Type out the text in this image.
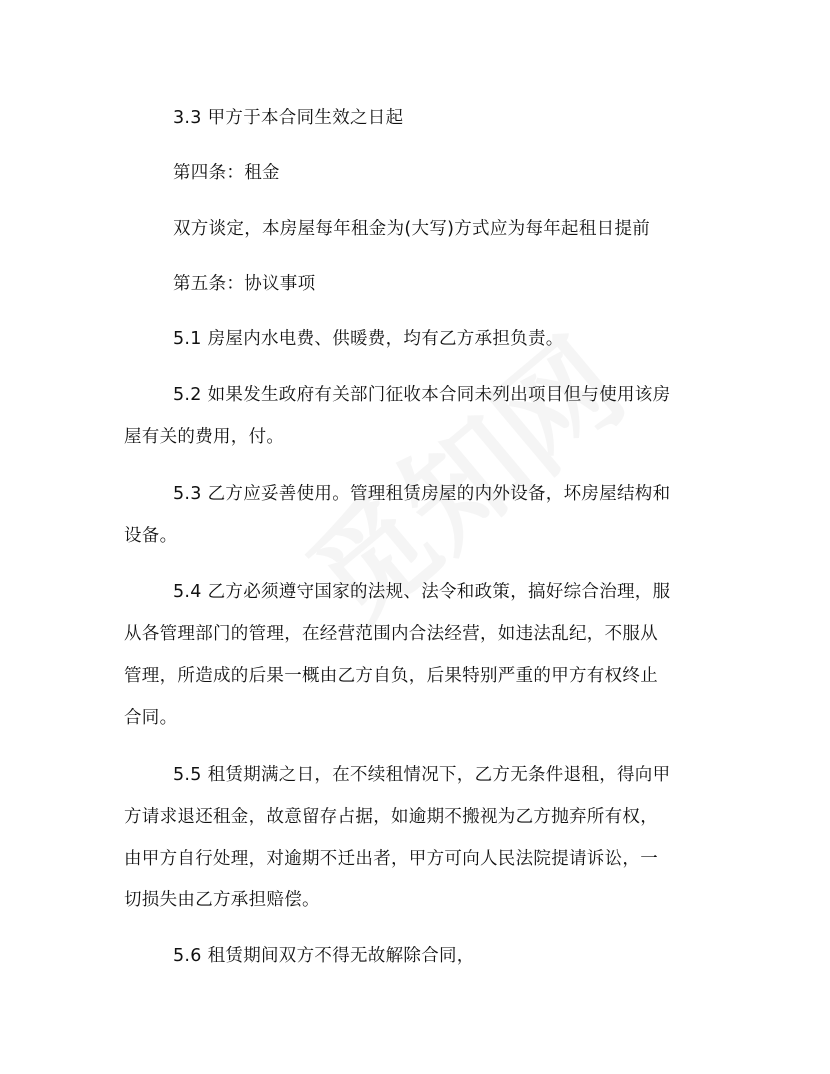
3.3 甲方于本合同生效之日起
第四条：租金
双方谈定，本房屋每年租金为(大写)方式应为每年起租日提前
第五条：协议事项
5.1 房屋内水电费、供暖费，均有乙方承担负责。
5.2 如果发生政府有关部门征收本合同未列出项目但与使用该房
屋有关的费用，付。
5.3 乙方应妥善使用。管理租赁房屋的内外设备，坏房屋结构和
设备。
5.4 乙方必须遵守国家的法规、法令和政策，搞好综合治理，服
从各管理部门的管理，在经营范围内合法经营，如违法乱纪，不服从
管理，所造成的后果一概由乙方自负，后果特别严重的甲方有权终止
合同。
5.5 租赁期满之日，在不续租情况下，乙方无条件退租，得向甲
方请求退还租金，故意留存占据，如逾期不搬视为乙方抛弃所有权，
由甲方自行处理，对逾期不迁出者，甲方可向人民法院提请诉讼，一
切损失由乙方承担赔偿。
5.6 租赁期间双方不得无故解除合同，
